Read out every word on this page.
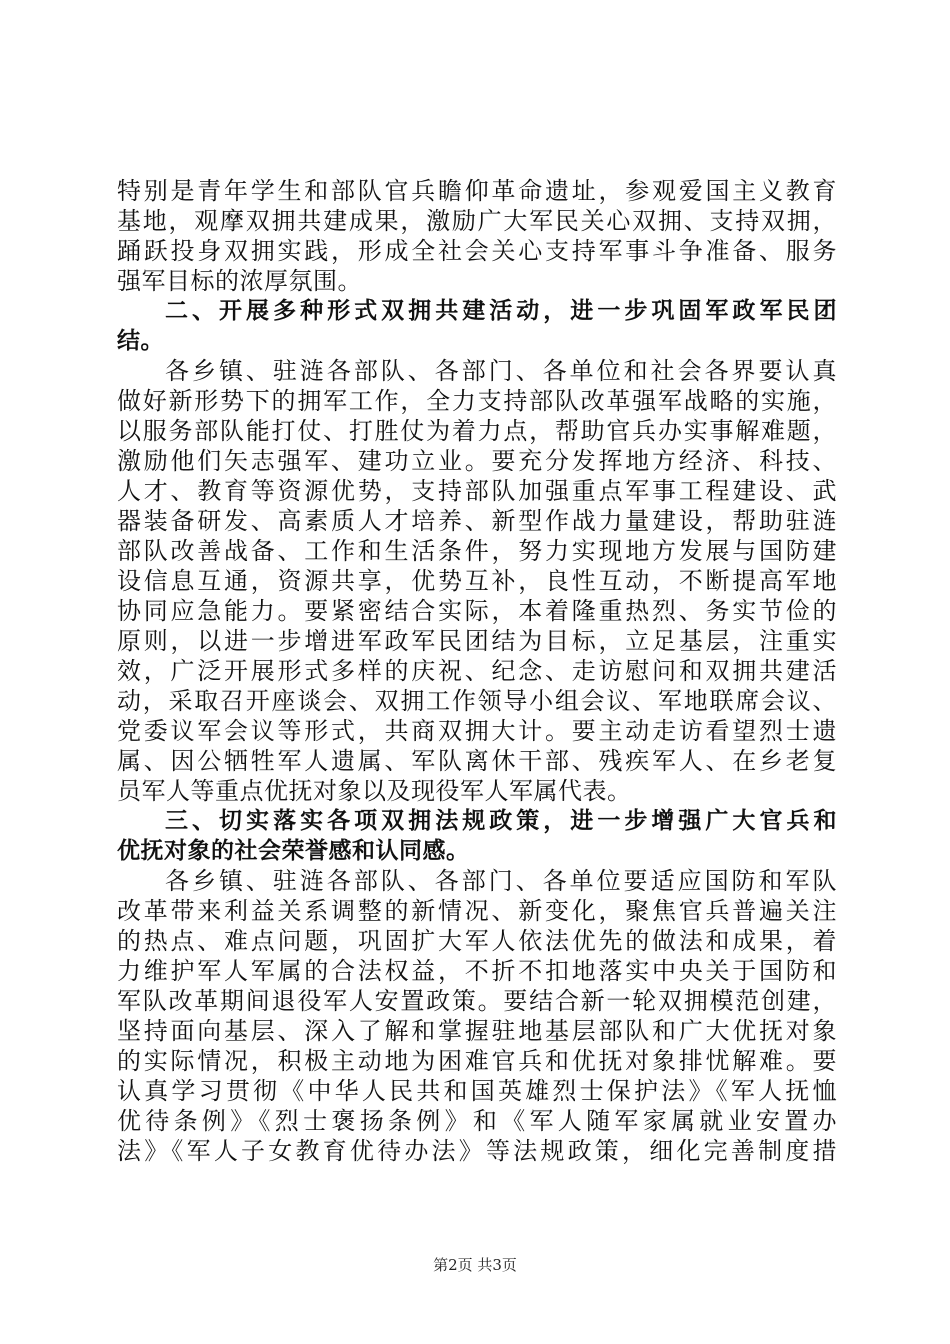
特别是青年学生和部队官兵瞻仰革命遗址，参观爱国主义教育
基地，观摩双拥共建成果，激励广大军民关心双拥、支持双拥，
踊跃投身双拥实践，形成全社会关心支持军事斗争准备、服务
强军目标的浓厚氛围。
二、开展多种形式双拥共建活动，进一步巩固军政军民团
结。
各乡镇、驻涟各部队、各部门、各单位和社会各界要认真
做好新形势下的拥军工作，全力支持部队改革强军战略的实施，
以服务部队能打仗、打胜仗为着力点，帮助官兵办实事解难题，
激励他们矢志强军、建功立业。要充分发挥地方经济、科技、
人才、教育等资源优势，支持部队加强重点军事工程建设、武
器装备研发、高素质人才培养、新型作战力量建设，帮助驻涟
部队改善战备、工作和生活条件，努力实现地方发展与国防建
设信息互通，资源共享，优势互补，良性互动，不断提高军地
协同应急能力。要紧密结合实际，本着隆重热烈、务实节俭的
原则，以进一步增进军政军民团结为目标，立足基层，注重实
效，广泛开展形式多样的庆祝、纪念、走访慰问和双拥共建活
动，采取召开座谈会、双拥工作领导小组会议、军地联席会议、
党委议军会议等形式，共商双拥大计。要主动走访看望烈士遗
属、因公牺牲军人遗属、军队离休干部、残疾军人、在乡老复
员军人等重点优抚对象以及现役军人军属代表。
三、切实落实各项双拥法规政策，进一步增强广大官兵和
优抚对象的社会荣誉感和认同感。
各乡镇、驻涟各部队、各部门、各单位要适应国防和军队
改革带来利益关系调整的新情况、新变化，聚焦官兵普遍关注
的热点、难点问题，巩固扩大军人依法优先的做法和成果，着
力维护军人军属的合法权益，不折不扣地落实中央关于国防和
军队改革期间退役军人安置政策。要结合新一轮双拥模范创建，
坚持面向基层、深入了解和掌握驻地基层部队和广大优抚对象
的实际情况，积极主动地为困难官兵和优抚对象排忧解难。要
认真学习贯彻《中华人民共和国英雄烈士保护法》《军人抚恤
优待条例》《烈士褒扬条例》和《军人随军家属就业安置办
法》《军人子女教育优待办法》等法规政策，细化完善制度措
第2页 共3页
